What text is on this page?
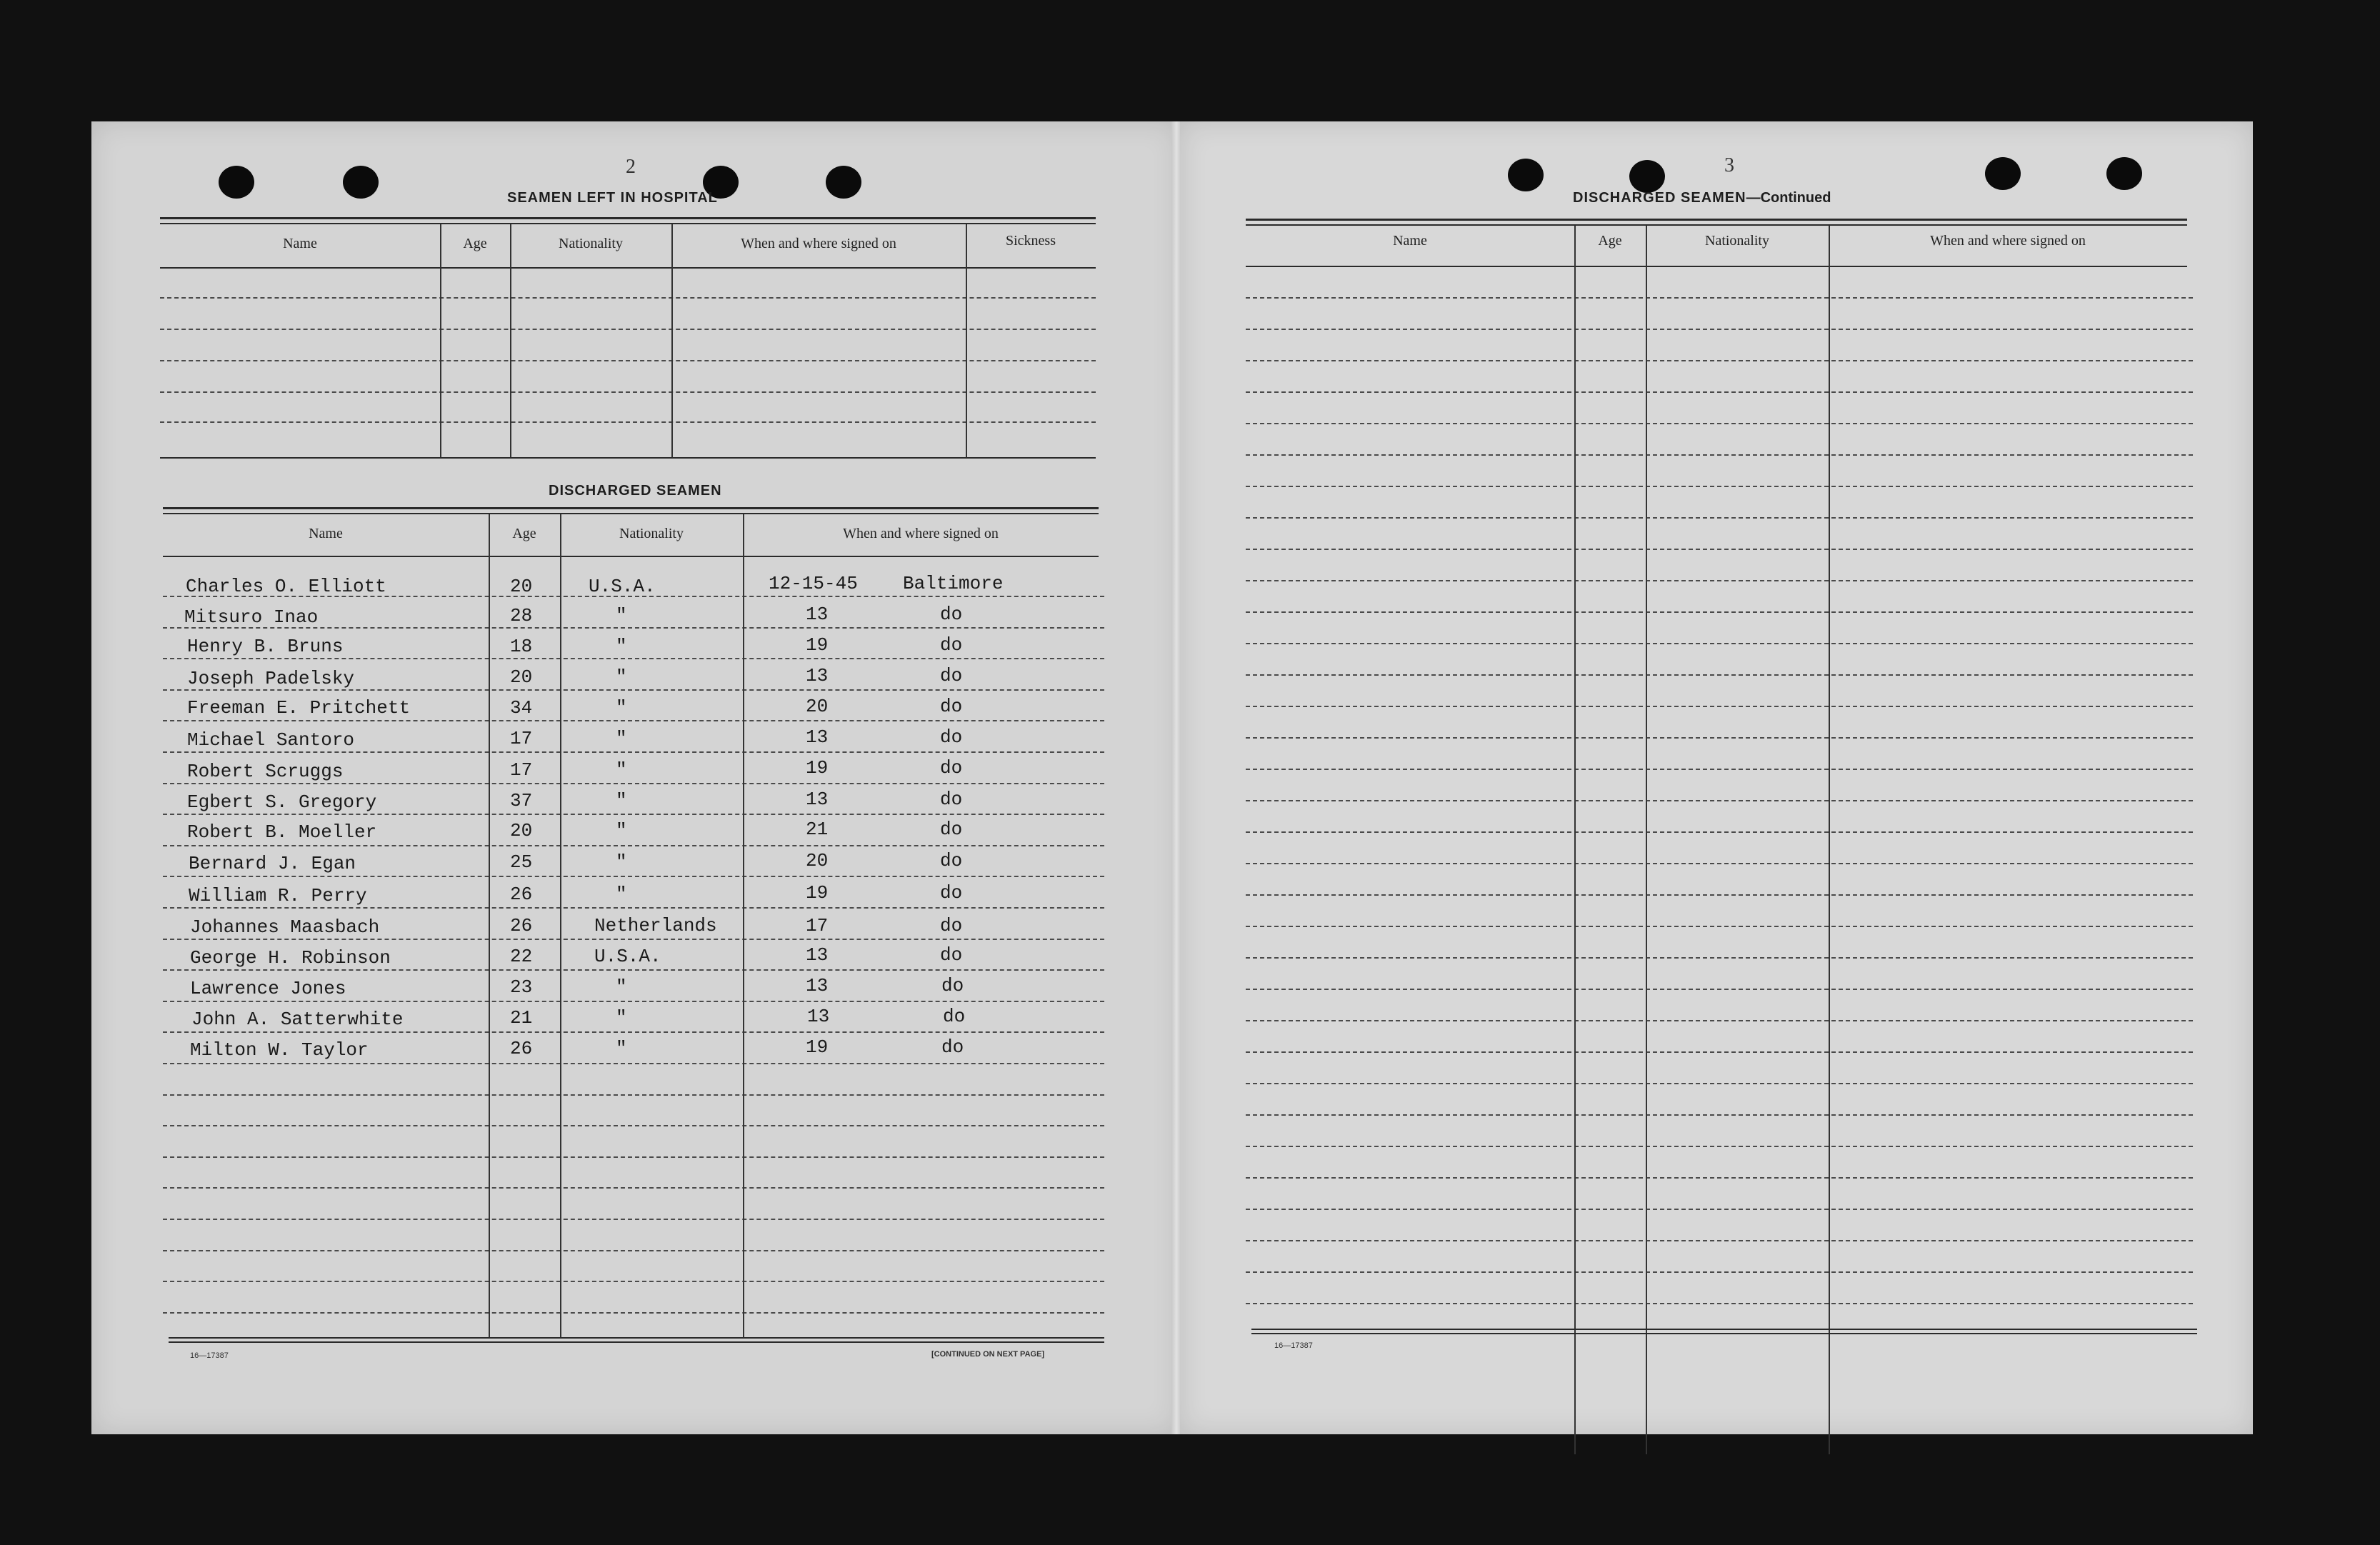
2
SEAMEN LEFT IN HOSPITAL
Name	Age	Nationality	When and where signed on	Sickness
DISCHARGED SEAMEN
Name	Age	Nationality	When and where signed on
Charles O. Elliott	20	U.S.A.	12-15-45 Baltimore
Mitsuro Inao	28	"	13	do
Henry B. Bruns	18	"	19	do
Joseph Padelsky	20	"	13	do
Freeman E. Pritchett	34	"	20	do
Michael Santoro	17	"	13	do
Robert Scruggs	17	"	19	do
Egbert S. Gregory	37	"	13	do
Robert B. Moeller	20	"	21	do
Bernard J. Egan	25	"	20	do
William R. Perry	26	"	19	do
Johannes Maasbach	26	Netherlands	17	do
George H. Robinson	22	U.S.A.	13	do
Lawrence Jones	23	"	13	do
John A. Satterwhite	21	"	13	do
Milton W. Taylor	26	"	19	do
16—17387	[CONTINUED ON NEXT PAGE]
3
DISCHARGED SEAMEN—Continued
Name	Age	Nationality	When and where signed on
16—17387
